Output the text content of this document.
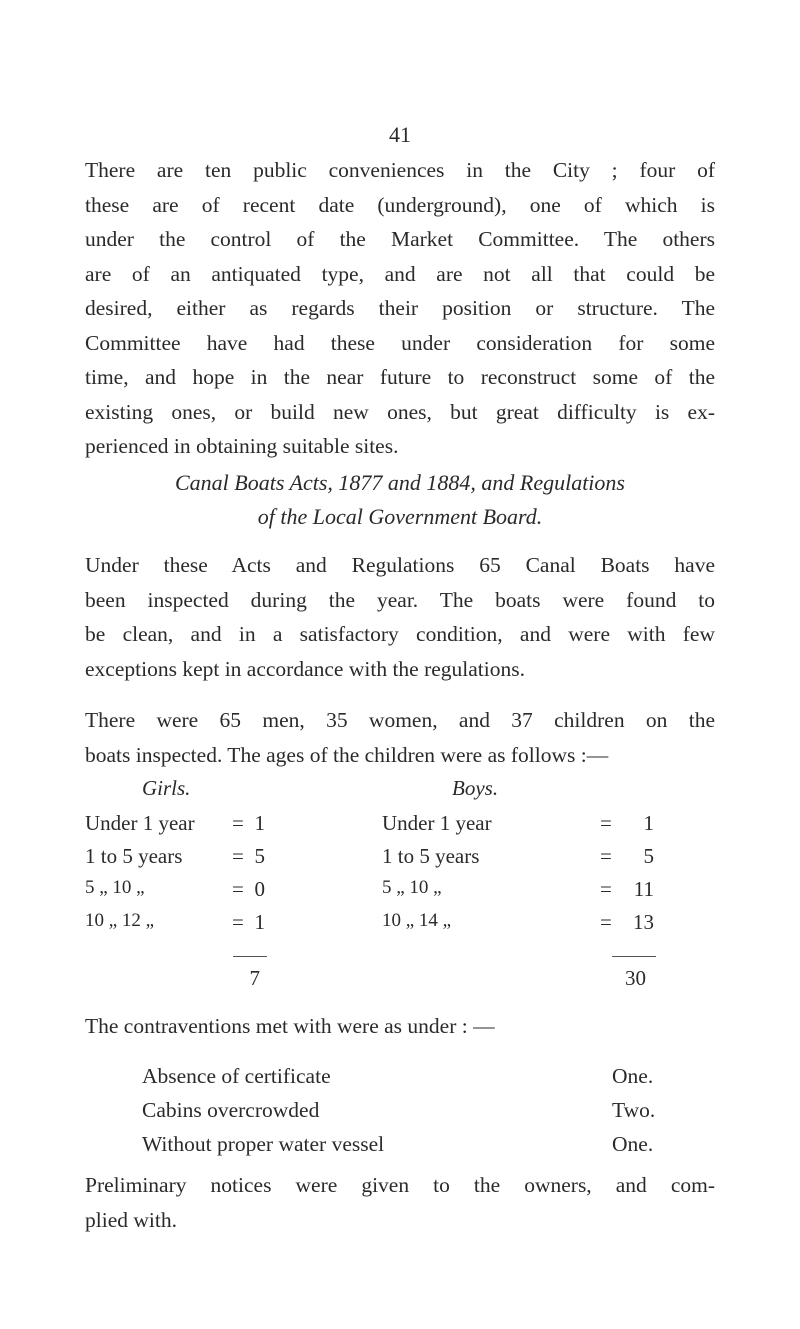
41
There are ten public conveniences in the City ; four of
these are of recent date (underground), one of which is
under the control of the Market Committee. The others
are of an antiquated type, and are not all that could be
desired, either as regards their position or structure. The
Committee have had these under consideration for some
time, and hope in the near future to reconstruct some of the
existing ones, or build new ones, but great difficulty is ex-
perienced in obtaining suitable sites.
Canal Boats Acts, 1877 and 1884, and Regulations
of the Local Government Board.
Under these Acts and Regulations 65 Canal Boats have
been inspected during the year. The boats were found to
be clean, and in a satisfactory condition, and were with few
exceptions kept in accordance with the regulations.
There were 65 men, 35 women, and 37 children on the
boats inspected. The ages of the children were as follows :—
Girls.
Under 1 year = 1
1 to 5 years = 5
5 „ 10 „	= 0
10 „ 12 „	= 1
7
Boys.
Under 1 year	=	1
1 to 5 years	=	5
5 „ 10 „	=	11
10 „ 14 „	=	13
30
The contraventions met with were as under : —
Absence of certificate	One.
Cabins overcrowded	Two.
Without proper water vessel	One.
Preliminary notices were given to the owners, and com-
plied with.
